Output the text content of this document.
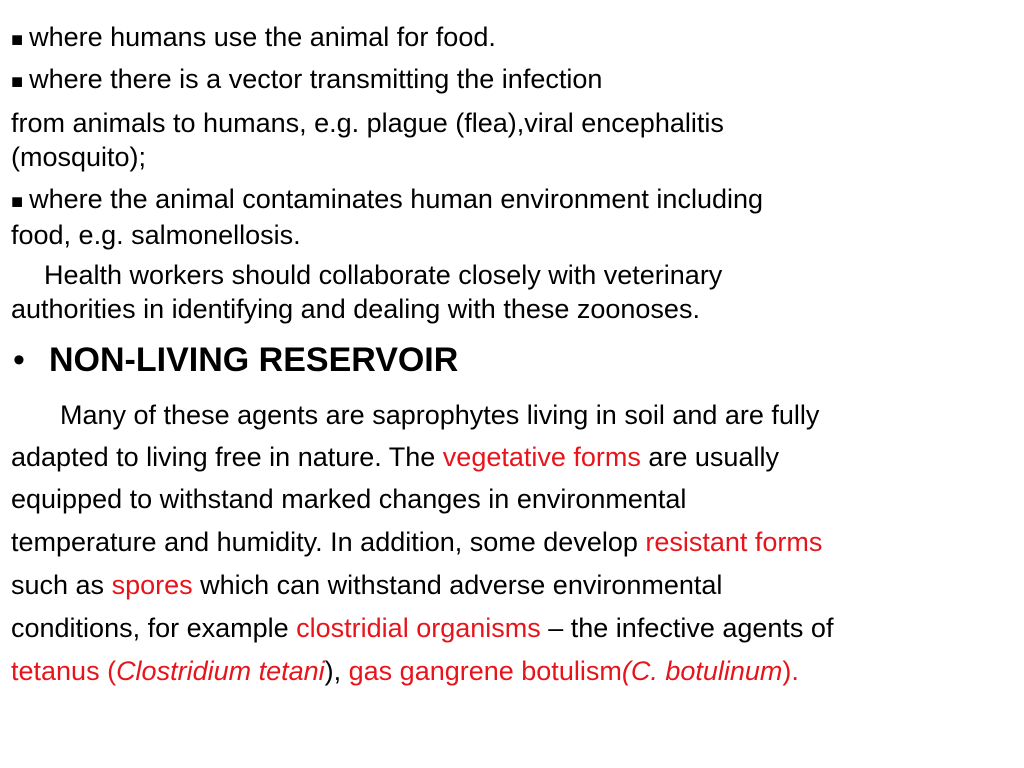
■ where humans use the animal for food.
■ where there is a vector transmitting the infection
from animals to humans, e.g. plague (flea),viral encephalitis
(mosquito);
■ where the animal contaminates human environment including
food, e.g. salmonellosis.
Health workers should collaborate closely with veterinary
authorities in identifying and dealing with these zoonoses.
• NON-LIVING RESERVOIR
Many of these agents are saprophytes living in soil and are fully
adapted to living free in nature. The vegetative forms are usually
equipped to withstand marked changes in environmental
temperature and humidity. In addition, some develop resistant forms
such as spores which can withstand adverse environmental
conditions, for example clostridial organisms – the infective agents of
tetanus (Clostridium tetani), gas gangrene botulism(C. botulinum).
